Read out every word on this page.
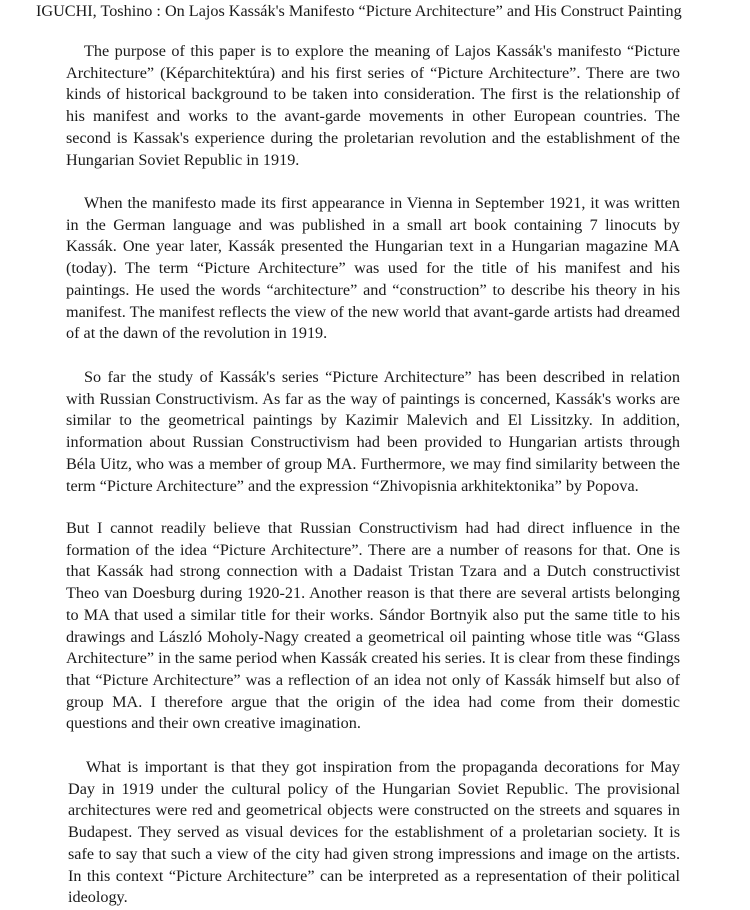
IGUCHI, Toshino : On Lajos Kassák's Manifesto “Picture Architecture” and His Construct Painting
The purpose of this paper is to explore the meaning of Lajos Kassák's manifesto “Picture Architecture” (Képarchitektúra) and his first series of “Picture Architecture”. There are two kinds of historical background to be taken into consideration. The first is the relationship of his manifest and works to the avant-garde movements in other European countries. The second is Kassak's experience during the proletarian revolution and the establishment of the Hungarian Soviet Republic in 1919.
When the manifesto made its first appearance in Vienna in September 1921, it was written in the German language and was published in a small art book containing 7 linocuts by Kassák. One year later, Kassák presented the Hungarian text in a Hungarian magazine MA (today). The term “Picture Architecture” was used for the title of his manifest and his paintings. He used the words “architecture” and “construction” to describe his theory in his manifest. The manifest reflects the view of the new world that avant-garde artists had dreamed of at the dawn of the revolution in 1919.
So far the study of Kassák's series “Picture Architecture” has been described in relation with Russian Constructivism. As far as the way of paintings is concerned, Kassák's works are similar to the geometrical paintings by Kazimir Malevich and El Lissitzky. In addition, information about Russian Constructivism had been provided to Hungarian artists through Béla Uitz, who was a member of group MA. Furthermore, we may find similarity between the term “Picture Architecture” and the expression “Zhivopisnia arkhitektonika” by Popova.
But I cannot readily believe that Russian Constructivism had had direct influence in the formation of the idea “Picture Architecture”. There are a number of reasons for that. One is that Kassák had strong connection with a Dadaist Tristan Tzara and a Dutch constructivist Theo van Doesburg during 1920-21. Another reason is that there are several artists belonging to MA that used a similar title for their works. Sándor Bortnyik also put the same title to his drawings and László Moholy-Nagy created a geometrical oil painting whose title was “Glass Architecture” in the same period when Kassák created his series. It is clear from these findings that “Picture Architecture” was a reflection of an idea not only of Kassák himself but also of group MA. I therefore argue that the origin of the idea had come from their domestic questions and their own creative imagination.
What is important is that they got inspiration from the propaganda decorations for May Day in 1919 under the cultural policy of the Hungarian Soviet Republic. The provisional architectures were red and geometrical objects were constructed on the streets and squares in Budapest. They served as visual devices for the establishment of a proletarian society. It is safe to say that such a view of the city had given strong impressions and image on the artists. In this context “Picture Architecture” can be interpreted as a representation of their political ideology.
